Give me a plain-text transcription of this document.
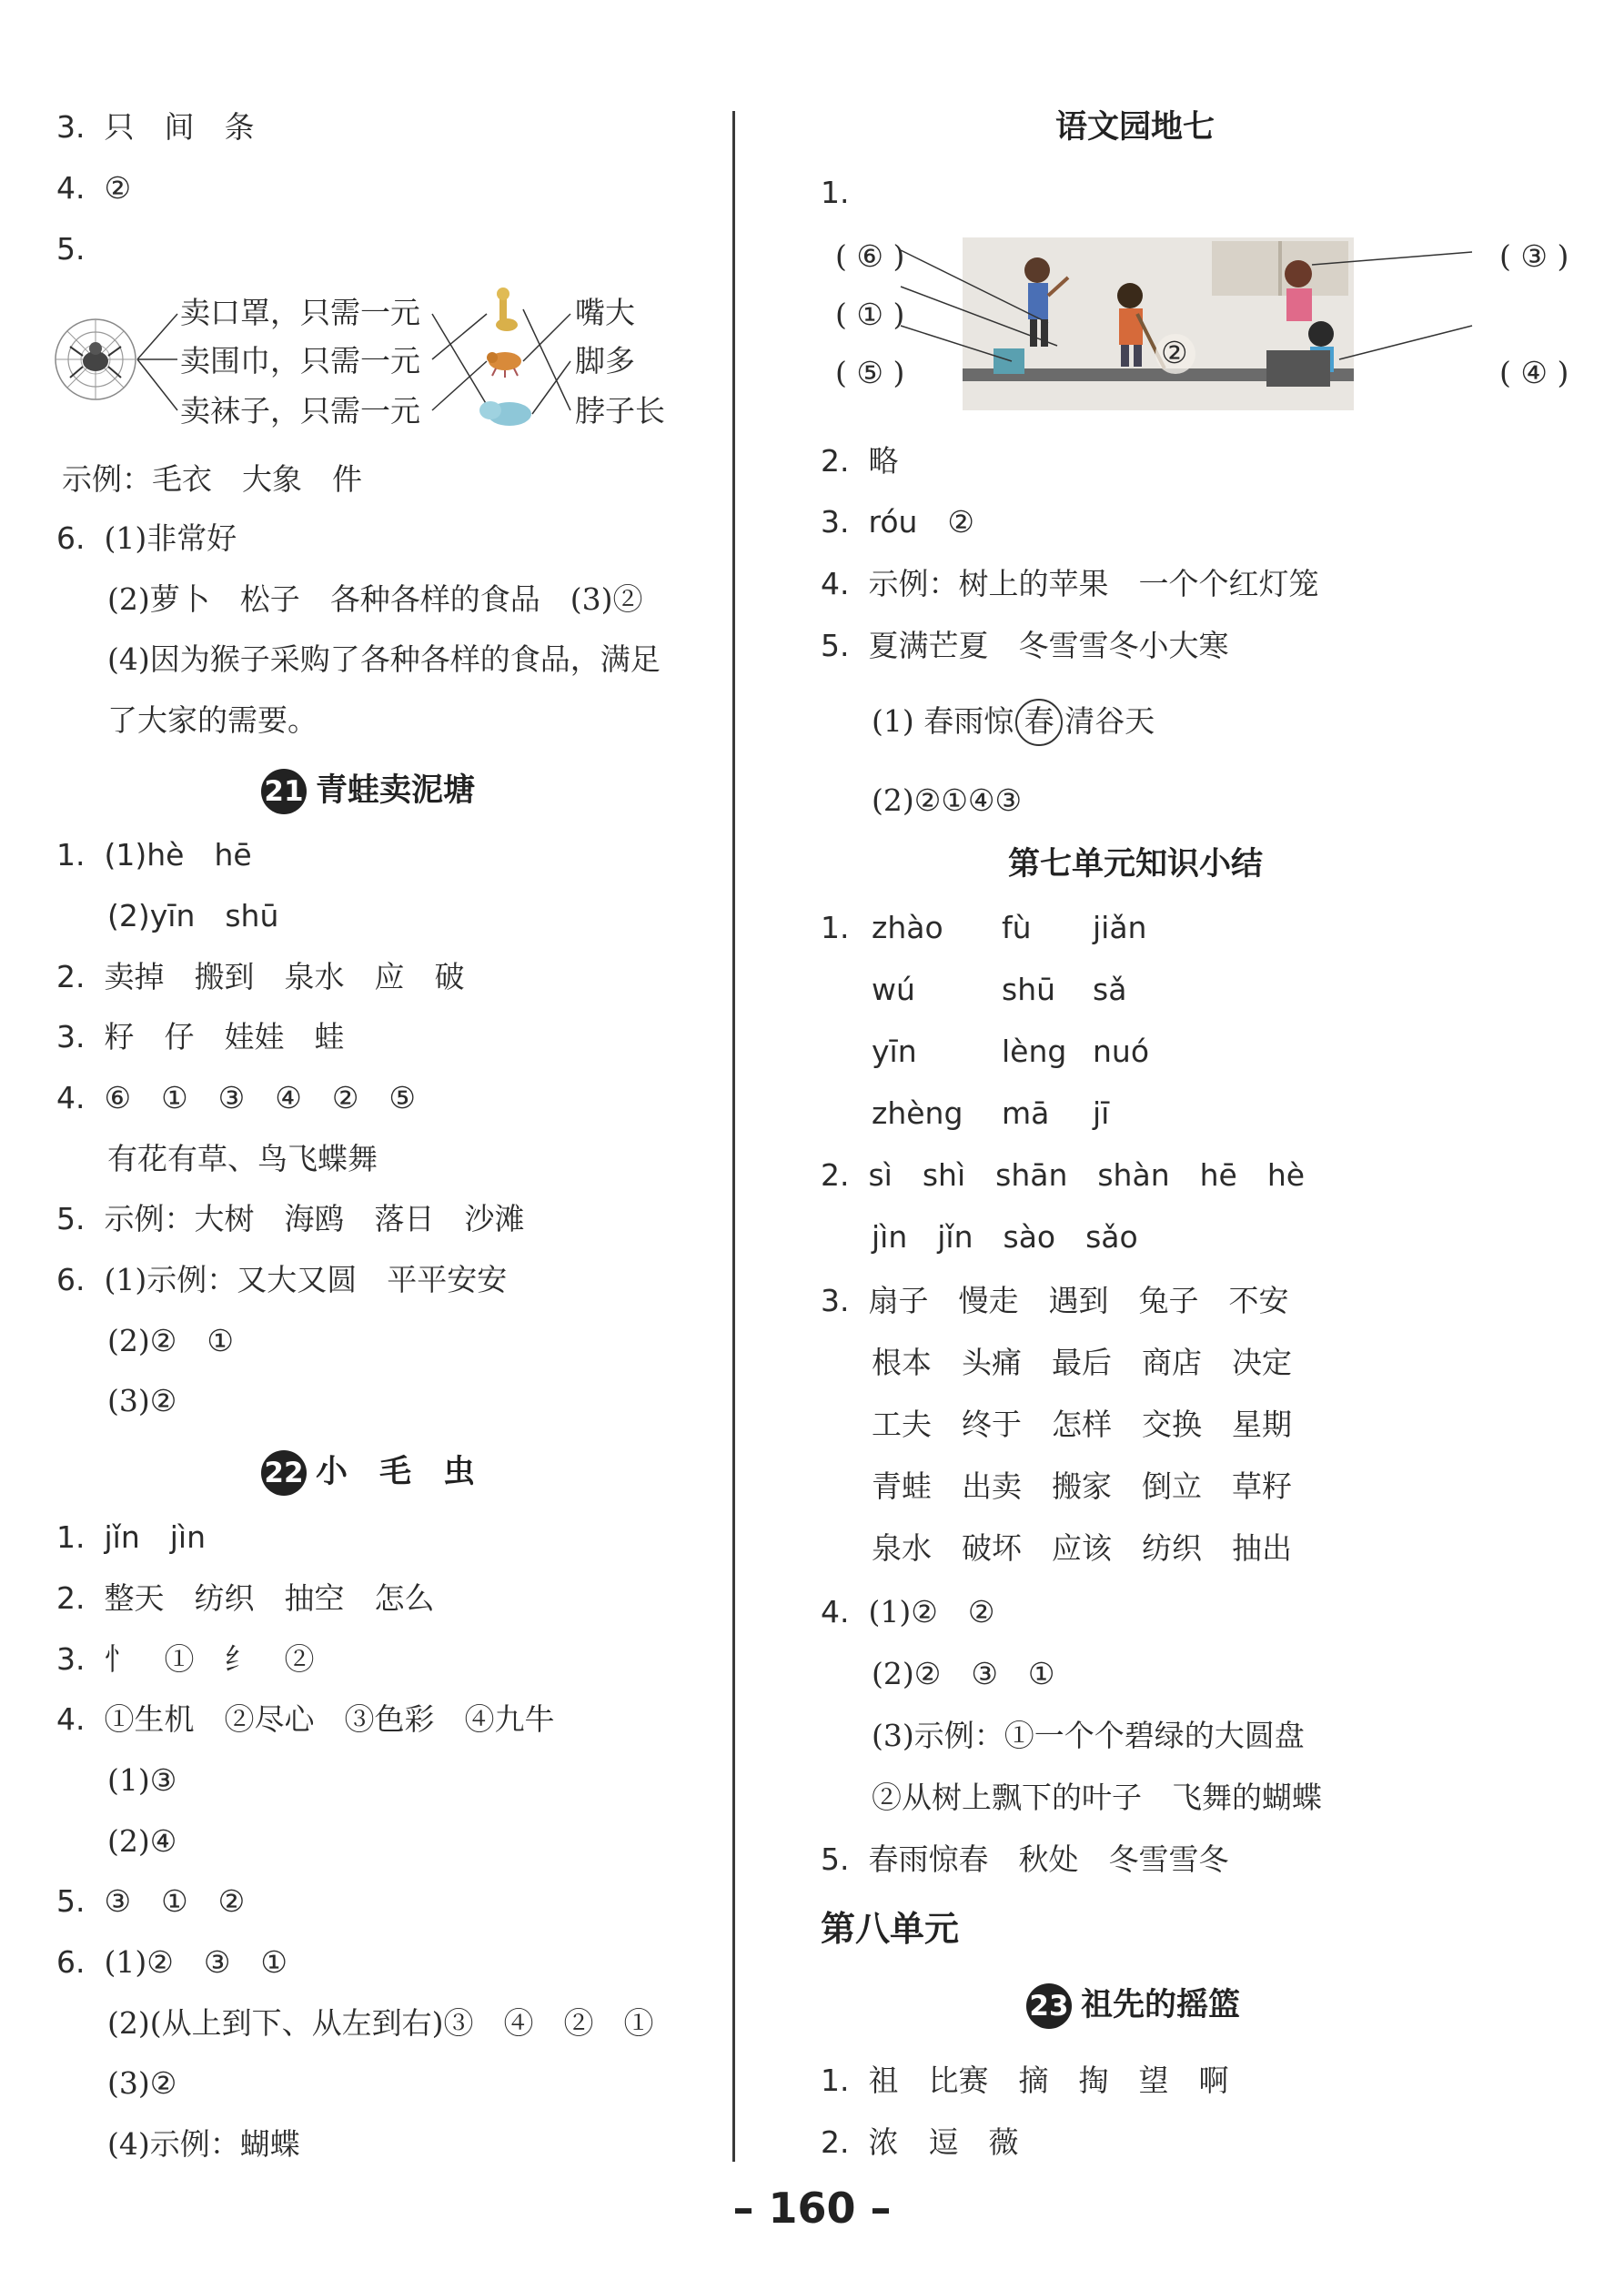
3. 只　间　条
4. ②
5.
卖口罩，只需一元
卖围巾，只需一元
卖袜子，只需一元
嘴大
脚多
脖子长
示例：毛衣　大象　件
6. (1)非常好
(2)萝卜　松子　各种各样的食品　(3)②
(4)因为猴子采购了各种各样的食品，满足
了大家的需要。
21 青蛙卖泥塘
1. (1)hè　hē
(2)yīn　shū
2. 卖掉　搬到　泉水　应　破
3. 籽　仔　娃娃　蛙
4. ⑥　①　③　④　②　⑤
有花有草、鸟飞蝶舞
5. 示例：大树　海鸥　落日　沙滩
6. (1)示例：又大又圆　平平安安
(2)②　①
(3)②
22 小　毛　虫
1. jǐn　jìn
2. 整天　纺织　抽空　怎么
3. 忄　①　纟　②
4. ①生机　②尽心　③色彩　④九牛
(1)③
(2)④
5. ③　①　②
6. (1)②　③　①
(2)(从上到下、从左到右)③　④　②　①
(3)②
(4)示例：蝴蝶
语文园地七
1.
( ⑥ )
( ① )
( ⑤ )
( ③ )
( ④ )
②
2. 略
3. róu　②
4. 示例：树上的苹果　一个个红灯笼
5. 夏满芒夏　冬雪雪冬小大寒
(1) 春雨惊 春 清谷天
(2)②①④③
第七单元知识小结
1. zhào fù jiǎn
wú	shū sǎ
yīn	lèng nuó
zhèng mā jī
2. sì　shì　shān　shàn　hē　hè
jìn　jǐn　sào　sǎo
3. 扇子　慢走　遇到　兔子　不安
根本　头痛　最后　商店　决定
工夫　终于　怎样　交换　星期
青蛙　出卖　搬家　倒立　草籽
泉水　破坏　应该　纺织　抽出
4. (1)②　②
(2)②　③　①
(3)示例：①一个个碧绿的大圆盘
②从树上飘下的叶子　飞舞的蝴蝶
5. 春雨惊春　秋处　冬雪雪冬
第八单元
23 祖先的摇篮
1. 祖　比赛　摘　掏　望　啊
2. 浓　逗　薇
– 160 –
